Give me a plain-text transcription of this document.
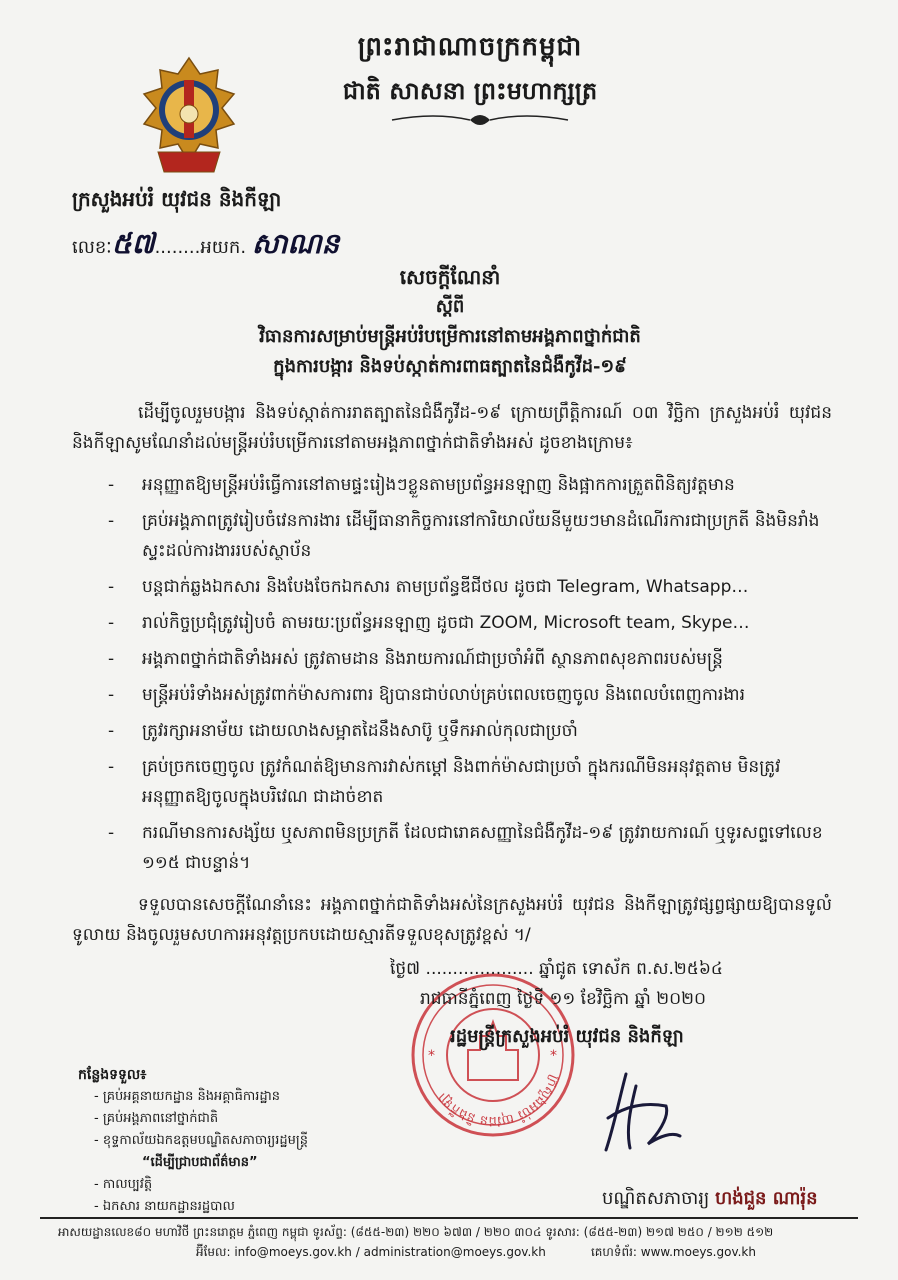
ព្រះរាជាណាចក្រកម្ពុជា
ជាតិ សាសនា ព្រះមហាក្សត្រ
ក្រសួងអប់រំ យុវជន និងកីឡា
លេខៈ៥៧........អយក. សាណន
សេចក្តីណែនាំ
ស្តីពី
វិធានការសម្រាប់មន្ត្រីអប់រំបម្រើការនៅតាមអង្គភាពថ្នាក់ជាតិ
ក្នុងការបង្ការ និងទប់ស្កាត់ការពាធត្បាតនៃជំងឺកូវីដ-១៩
ដើម្បីចូលរួមបង្ការ និងទប់ស្កាត់ការរាតត្បាតនៃជំងឺកូវីដ-១៩ ក្រោយព្រឹត្តិការណ៍ ០៣ វិច្ឆិកា ក្រសួងអប់រំ យុវជន និងកីឡាសូមណែនាំដល់មន្ត្រីអប់រំបម្រើការនៅតាមអង្គភាពថ្នាក់ជាតិទាំងអស់ ដូចខាងក្រោម៖
- អនុញ្ញាតឱ្យមន្ត្រីអប់រំធ្វើការនៅតាមផ្ទះរៀងៗខ្លួនតាមប្រព័ន្ធអនឡាញ និងផ្អាកការត្រួតពិនិត្យវត្តមាន
- គ្រប់អង្គភាពត្រូវរៀបចំវេនការងារ ដើម្បីធានាកិច្ចការនៅការិយាល័យនីមួយៗមានដំណើរការជាប្រក្រតី និងមិនរាំងស្ទះដល់ការងាររបស់ស្ថាប័ន
- បន្តជាក់ឆ្លងឯកសារ និងបែងចែកឯកសារ តាមប្រព័ន្ធឌីជីថល ដូចជា Telegram, Whatsapp…
- រាល់កិច្ចប្រជុំត្រូវរៀបចំ តាមរយៈប្រព័ន្ធអនឡាញ ដូចជា ZOOM, Microsoft team, Skype…
- អង្គភាពថ្នាក់ជាតិទាំងអស់ ត្រូវតាមដាន និងរាយការណ៍ជាប្រចាំអំពី ស្ថានភាពសុខភាពរបស់មន្ត្រី
- មន្ត្រីអប់រំទាំងអស់ត្រូវពាក់ម៉ាសការពារ ឱ្យបានជាប់លាប់គ្រប់ពេលចេញចូល និងពេលបំពេញការងារ
- ត្រូវរក្សាអនាម័យ ដោយលាងសម្អាតដៃនឹងសាប៊ូ ឬទឹកអាល់កុលជាប្រចាំ
- គ្រប់ច្រកចេញចូល ត្រូវកំណត់ឱ្យមានការវាស់កម្ដៅ និងពាក់ម៉ាសជាប្រចាំ ក្នុងករណីមិនអនុវត្តតាម មិនត្រូវអនុញ្ញាតឱ្យចូលក្នុងបរិវេណ ជាដាច់ខាត
- ករណីមានការសង្ស័យ ឬសភាពមិនប្រក្រតី ដែលជារោគសញ្ញានៃជំងឺកូវីដ-១៩ ត្រូវរាយការណ៍ ឬទូរសព្ទទៅលេខ ១១៥ ជាបន្ទាន់។
ទទួលបានសេចក្តីណែនាំនេះ អង្គភាពថ្នាក់ជាតិទាំងអស់នៃក្រសួងអប់រំ យុវជន និងកីឡាត្រូវផ្សព្វផ្សាយឱ្យបានទូលំទូលាយ និងចូលរួមសហការអនុវត្តប្រកបដោយស្មារតីទទួលខុសត្រូវខ្ពស់ ។/
ក្រសួងអប់រំ យុវជន និងកីឡា
*	*
ថ្ងៃ៧ .................... ឆ្នាំជូត ទោស័ក ព.ស.២៥៦៤
រាជធានីភ្នំពេញ ថ្ងៃទី ១១ ខែវិច្ឆិកា ឆ្នាំ ២០២០
រដ្ឋមន្ត្រីក្រសួងអប់រំ យុវជន និងកីឡា
បណ្ឌិតសភាចារ្យ ហង់ជួន ណារ៉ុន
កន្លែងទទួល៖
- គ្រប់អគ្គនាយកដ្ឋាន និងអគ្គាធិការដ្ឋាន
- គ្រប់អង្គភាពនៅថ្នាក់ជាតិ
- ខុទ្ទកាល័យឯកឧត្តមបណ្ឌិតសភាចារ្យរដ្ឋមន្ត្រី
“ដើម្បីជ្រាបជាព័ត៌មាន”
- កាលប្បវត្តិ
- ឯកសារ នាយកដ្ឋានរដ្ឋបាល
អាសយដ្ឋានលេខ៨០ មហាវិថី ព្រះនរោត្តម ភ្នំពេញ កម្ពុជា ទូរស័ព្ទ: (៨៥៥-២៣) ២២០ ៦៧៣ / ២២០ ៣០៤ ទូរសារ: (៨៥៥-២៣) ២១៧ ២៥០ / ២១២ ៥១២
អ៊ីមែល: info@moeys.gov.kh / administration@moeys.gov.kh	គេហទំព័រ: www.moeys.gov.kh
